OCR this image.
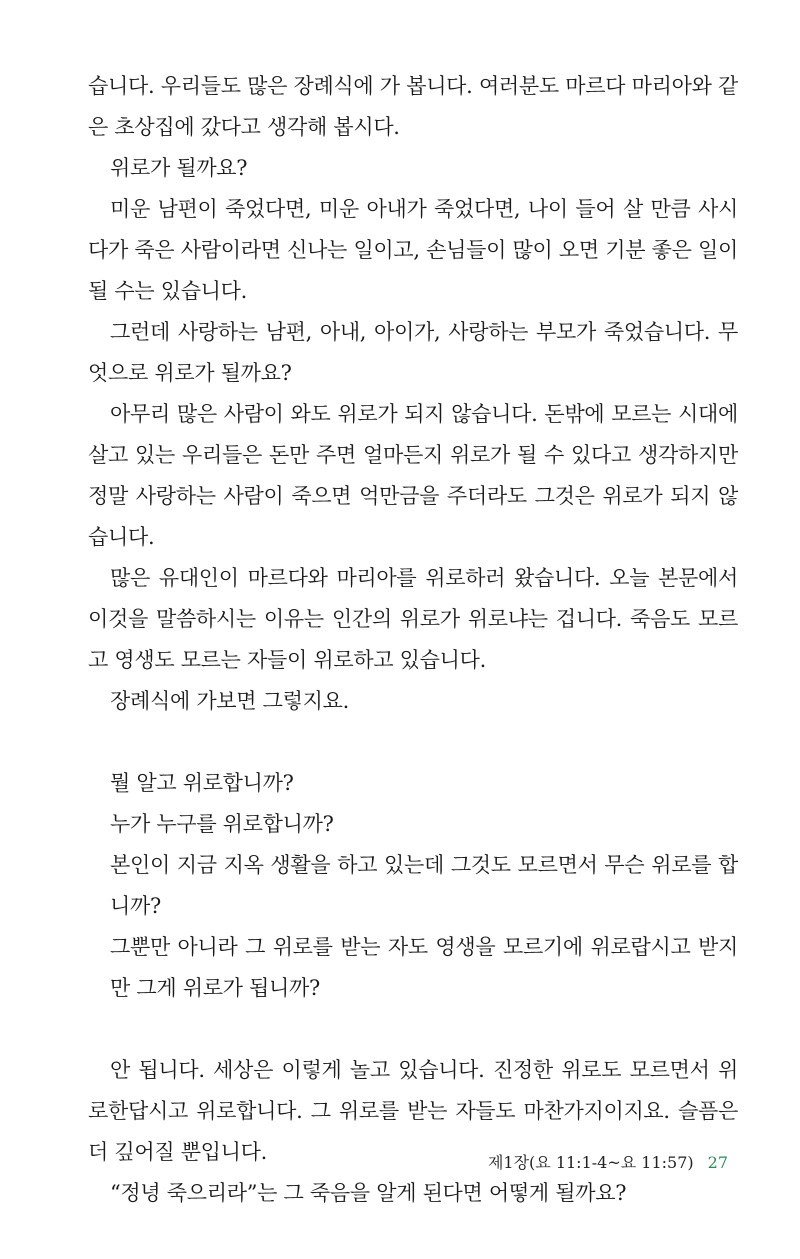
습니다. 우리들도 많은 장례식에 가 봅니다. 여러분도 마르다 마리아와 같은 초상집에 갔다고 생각해 봅시다.

위로가 될까요?

미운 남편이 죽었다면, 미운 아내가 죽었다면, 나이 들어 살 만큼 사시다가 죽은 사람이라면 신나는 일이고, 손님들이 많이 오면 기분 좋은 일이 될 수는 있습니다.

그런데 사랑하는 남편, 아내, 아이가, 사랑하는 부모가 죽었습니다. 무엇으로 위로가 될까요?

아무리 많은 사람이 와도 위로가 되지 않습니다. 돈밖에 모르는 시대에 살고 있는 우리들은 돈만 주면 얼마든지 위로가 될 수 있다고 생각하지만 정말 사랑하는 사람이 죽으면 억만금을 주더라도 그것은 위로가 되지 않습니다.

많은 유대인이 마르다와 마리아를 위로하러 왔습니다. 오늘 본문에서 이것을 말씀하시는 이유는 인간의 위로가 위로냐는 겁니다. 죽음도 모르고 영생도 모르는 자들이 위로하고 있습니다.

장례식에 가보면 그렇지요.

뭘 알고 위로합니까?

누가 누구를 위로합니까?

본인이 지금 지옥 생활을 하고 있는데 그것도 모르면서 무슨 위로를 합니까?

그뿐만 아니라 그 위로를 받는 자도 영생을 모르기에 위로랍시고 받지만 그게 위로가 됩니까?

안 됩니다. 세상은 이렇게 놀고 있습니다. 진정한 위로도 모르면서 위로한답시고 위로합니다. 그 위로를 받는 자들도 마찬가지이지요. 슬픔은 더 깊어질 뿐입니다.

“정녕 죽으리라”는 그 죽음을 알게 된다면 어떻게 될까요?

제1장(요 11:1-4~요 11:57) 27
